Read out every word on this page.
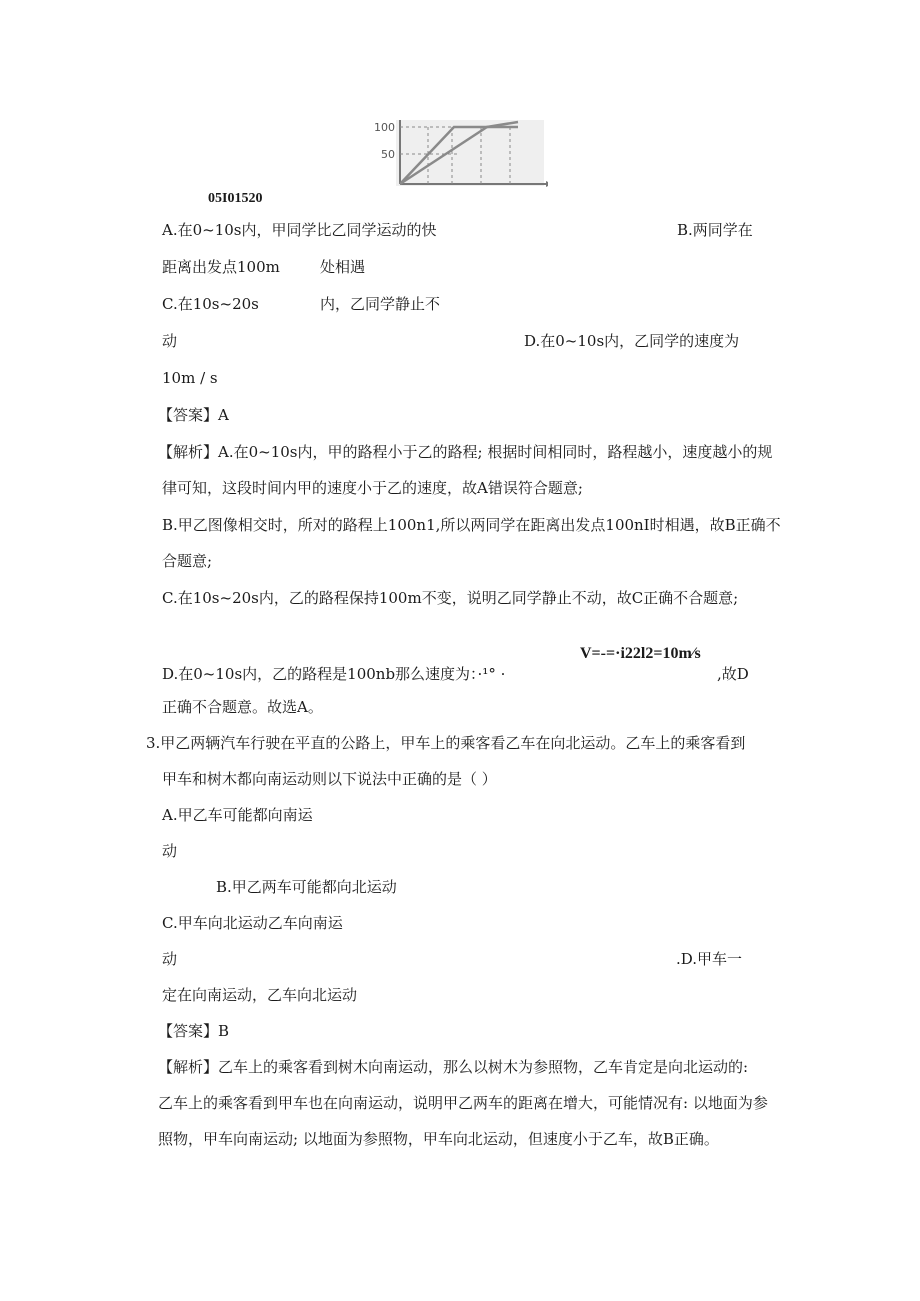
100
50
05I01520
A.在0~10s内，甲同学比乙同学运动的快	B.两同学在
距离出发点100m	处相遇
C.在10s~20s	内，乙同学静止不
动	D.在0~10s内，乙同学的速度为
10m / s
【答案】A
【解析】A.在0~10s内，甲的路程小于乙的路程; 根据时间相同时，路程越小，速度越小的规
律可知，这段时间内甲的速度小于乙的速度，故A错误符合题意;
B.甲乙图像相交时，所对的路程上100n1,所以两同学在距离出发点100nI时相遇，故B正确不
合题意;
C.在10s~20s内，乙的路程保持100m不变，说明乙同学静止不动，故C正确不合题意;
V=-=·i22l2=10m⁄s
D.在0~10s内，乙的路程是100nb那么速度为：·¹° ·	,故D
正确不合题意。故选A。
3.甲乙两辆汽车行驶在平直的公路上，甲车上的乘客看乙车在向北运动。乙车上的乘客看到
甲车和树木都向南运动则以下说法中正确的是（ ）
A.甲乙车可能都向南运
动
B.甲乙两车可能都向北运动
C.甲车向北运动乙车向南运
动	.D.甲车一
定在向南运动，乙车向北运动
【答案】B
【解析】乙车上的乘客看到树木向南运动，那么以树木为参照物，乙车肯定是向北运动的:
乙车上的乘客看到甲车也在向南运动，说明甲乙两车的距离在增大，可能情况有: 以地面为参
照物，甲车向南运动; 以地面为参照物，甲车向北运动，但速度小于乙车，故B正确。
